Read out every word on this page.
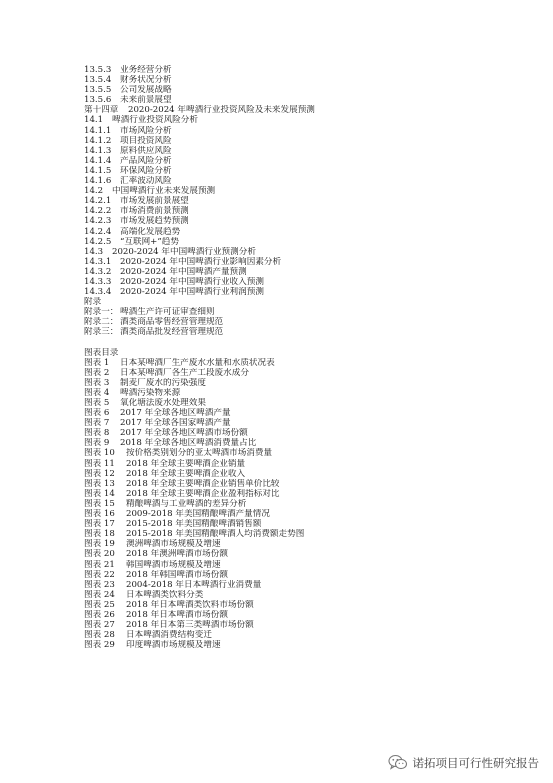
13.5.3 业务经营分析
13.5.4 财务状况分析
13.5.5 公司发展战略
13.5.6 未来前景展望
第十四章 2020-2024 年啤酒行业投资风险及未来发展预测
14.1 啤酒行业投资风险分析
14.1.1 市场风险分析
14.1.2 项目投资风险
14.1.3 原料供应风险
14.1.4 产品风险分析
14.1.5 环保风险分析
14.1.6 汇率波动风险
14.2 中国啤酒行业未来发展预测
14.2.1 市场发展前景展望
14.2.2 市场消费前景预测
14.2.3 市场发展趋势预测
14.2.4 高端化发展趋势
14.2.5 “互联网+”趋势
14.3 2020-2024 年中国啤酒行业预测分析
14.3.1 2020-2024 年中国啤酒行业影响因素分析
14.3.2 2020-2024 年中国啤酒产量预测
14.3.3 2020-2024 年中国啤酒行业收入预测
14.3.4 2020-2024 年中国啤酒行业利润预测
附录
附录一： 啤酒生产许可证审查细则
附录二： 酒类商品零售经营管理规范
附录三： 酒类商品批发经营管理规范
图表目录
图表 1 日本某啤酒厂生产废水水量和水质状况表
图表 2 日本某啤酒厂各生产工段废水成分
图表 3 制麦厂废水的污染强度
图表 4 啤酒污染物来源
图表 5 氧化塘法废水处理效果
图表 6 2017 年全球各地区啤酒产量
图表 7 2017 年全球各国家啤酒产量
图表 8 2017 年全球各地区啤酒市场份额
图表 9 2018 年全球各地区啤酒消费量占比
图表 10 按价格类别划分的亚太啤酒市场消费量
图表 11 2018 年全球主要啤酒企业销量
图表 12 2018 年全球主要啤酒企业收入
图表 13 2018 年全球主要啤酒企业销售单价比较
图表 14 2018 年全球主要啤酒企业盈利指标对比
图表 15 精酿啤酒与工业啤酒的差异分析
图表 16 2009-2018 年美国精酿啤酒产量情况
图表 17 2015-2018 年美国精酿啤酒销售额
图表 18 2015-2018 年美国精酿啤酒人均消费额走势图
图表 19 澳洲啤酒市场规模及增速
图表 20 2018 年澳洲啤酒市场份额
图表 21 韩国啤酒市场规模及增速
图表 22 2018 年韩国啤酒市场份额
图表 23 2004-2018 年日本啤酒行业消费量
图表 24 日本啤酒类饮料分类
图表 25 2018 年日本啤酒类饮料市场份额
图表 26 2018 年日本啤酒市场份额
图表 27 2018 年日本第三类啤酒市场份额
图表 28 日本啤酒消费结构变迁
图表 29 印度啤酒市场规模及增速
诺拓项目可行性研究报告
